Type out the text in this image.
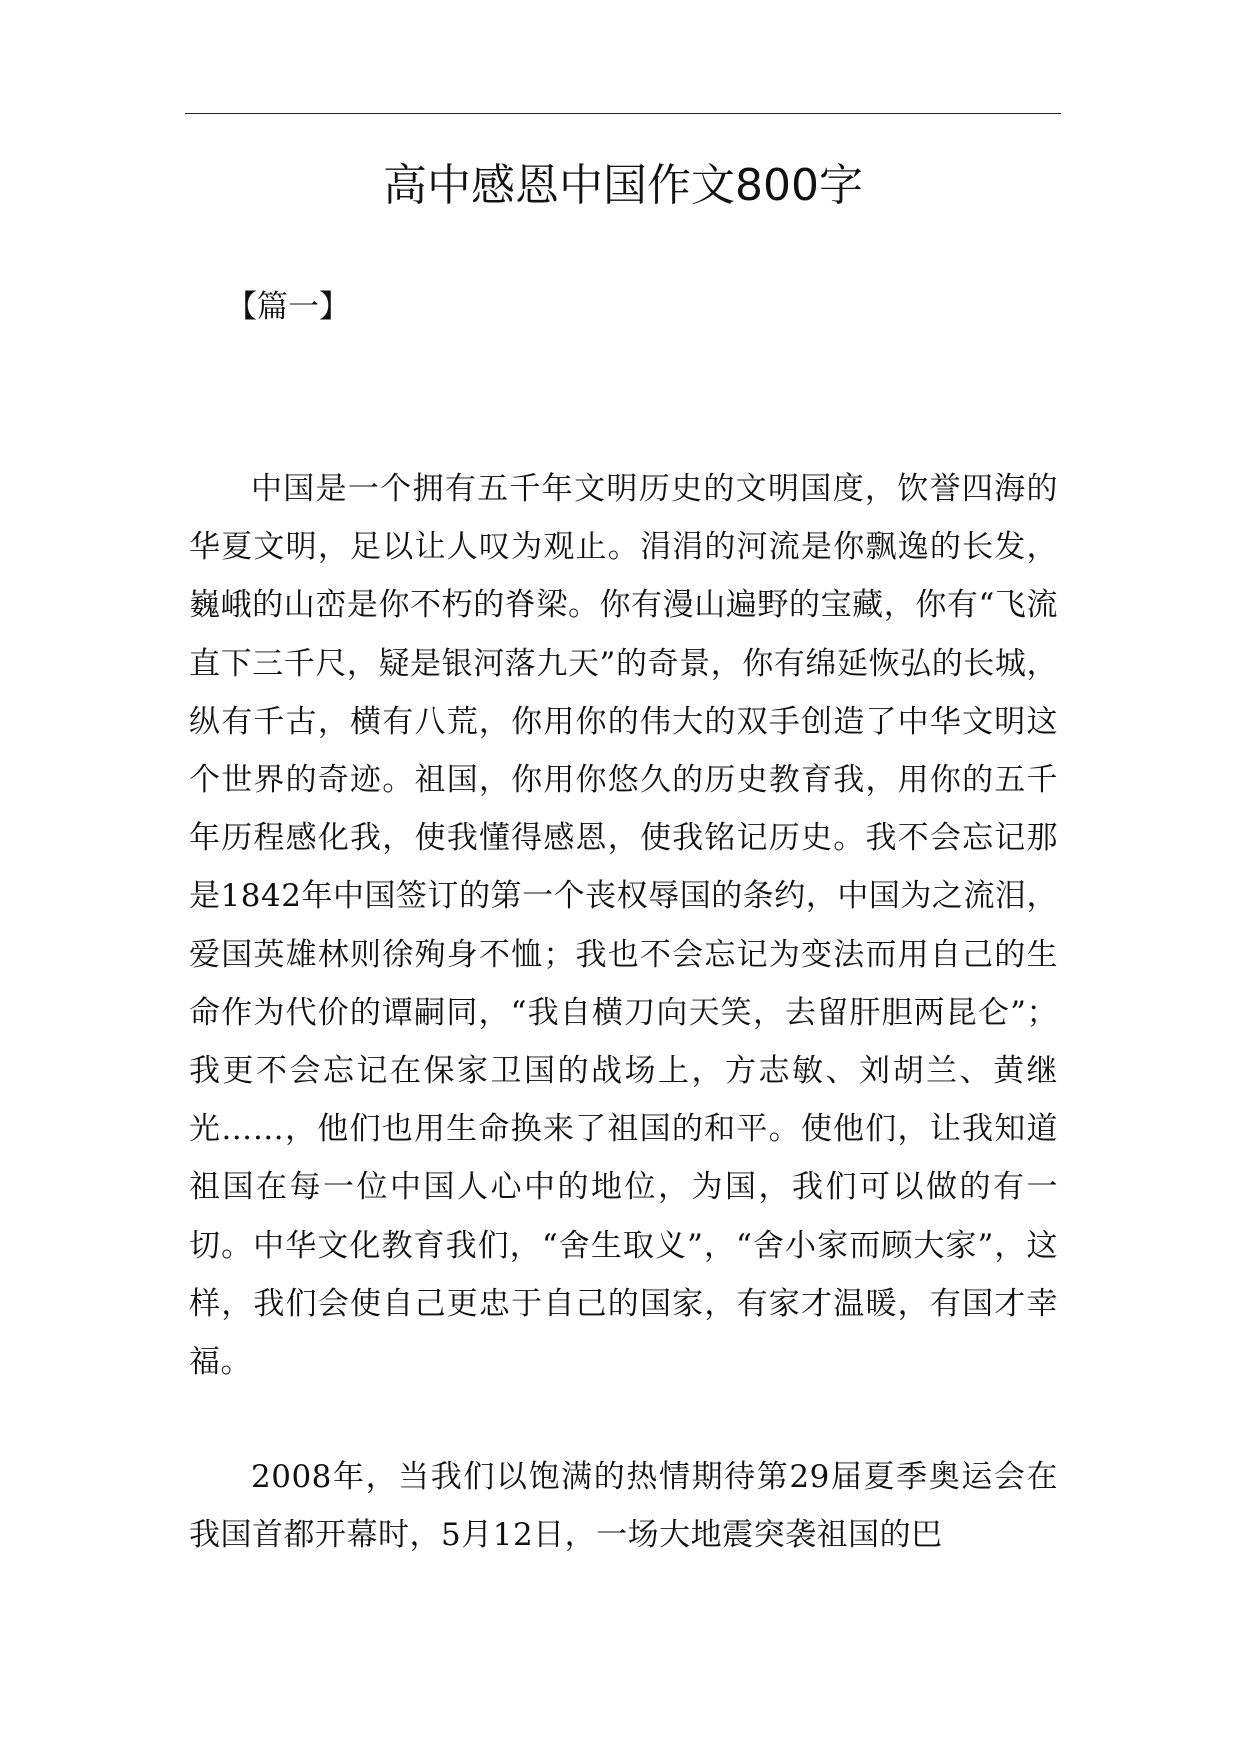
高中感恩中国作文800字

【篇一】

中国是一个拥有五千年文明历史的文明国度，饮誉四海的华夏文明，足以让人叹为观止。涓涓的河流是你飘逸的长发，巍峨的山峦是你不朽的脊梁。你有漫山遍野的宝藏，你有“飞流直下三千尺，疑是银河落九天”的奇景，你有绵延恢弘的长城，纵有千古，横有八荒，你用你的伟大的双手创造了中华文明这个世界的奇迹。祖国，你用你悠久的历史教育我，用你的五千年历程感化我，使我懂得感恩，使我铭记历史。我不会忘记那是1842年中国签订的第一个丧权辱国的条约，中国为之流泪，爱国英雄林则徐殉身不恤；我也不会忘记为变法而用自己的生命作为代价的谭嗣同，“我自横刀向天笑，去留肝胆两昆仑”；我更不会忘记在保家卫国的战场上，方志敏、刘胡兰、黄继光……，他们也用生命换来了祖国的和平。使他们，让我知道祖国在每一位中国人心中的地位，为国，我们可以做的有一切。中华文化教育我们，“舍生取义”，“舍小家而顾大家”，这样，我们会使自己更忠于自己的国家，有家才温暖，有国才幸福。

2008年，当我们以饱满的热情期待第29届夏季奥运会在我国首都开幕时，5月12日，一场大地震突袭祖国的巴
